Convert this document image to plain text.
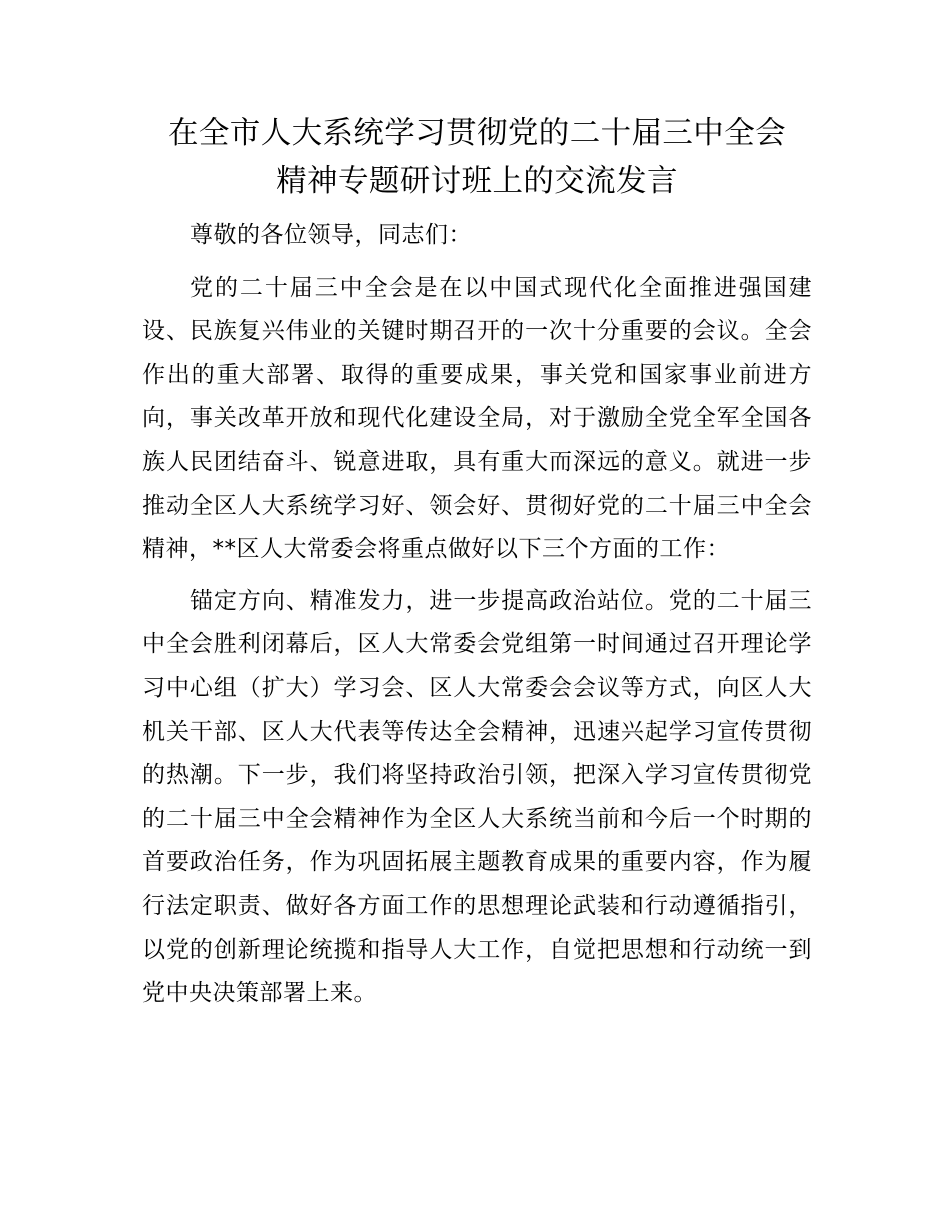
在全市人大系统学习贯彻党的二十届三中全会
精神专题研讨班上的交流发言

尊敬的各位领导，同志们：

党的二十届三中全会是在以中国式现代化全面推进强国建设、民族复兴伟业的关键时期召开的一次十分重要的会议。全会作出的重大部署、取得的重要成果，事关党和国家事业前进方向，事关改革开放和现代化建设全局，对于激励全党全军全国各族人民团结奋斗、锐意进取，具有重大而深远的意义。就进一步推动全区人大系统学习好、领会好、贯彻好党的二十届三中全会精神，**区人大常委会将重点做好以下三个方面的工作：

锚定方向、精准发力，进一步提高政治站位。党的二十届三中全会胜利闭幕后，区人大常委会党组第一时间通过召开理论学习中心组（扩大）学习会、区人大常委会会议等方式，向区人大机关干部、区人大代表等传达全会精神，迅速兴起学习宣传贯彻的热潮。下一步，我们将坚持政治引领，把深入学习宣传贯彻党的二十届三中全会精神作为全区人大系统当前和今后一个时期的首要政治任务，作为巩固拓展主题教育成果的重要内容，作为履行法定职责、做好各方面工作的思想理论武装和行动遵循指引，以党的创新理论统揽和指导人大工作，自觉把思想和行动统一到党中央决策部署上来。
